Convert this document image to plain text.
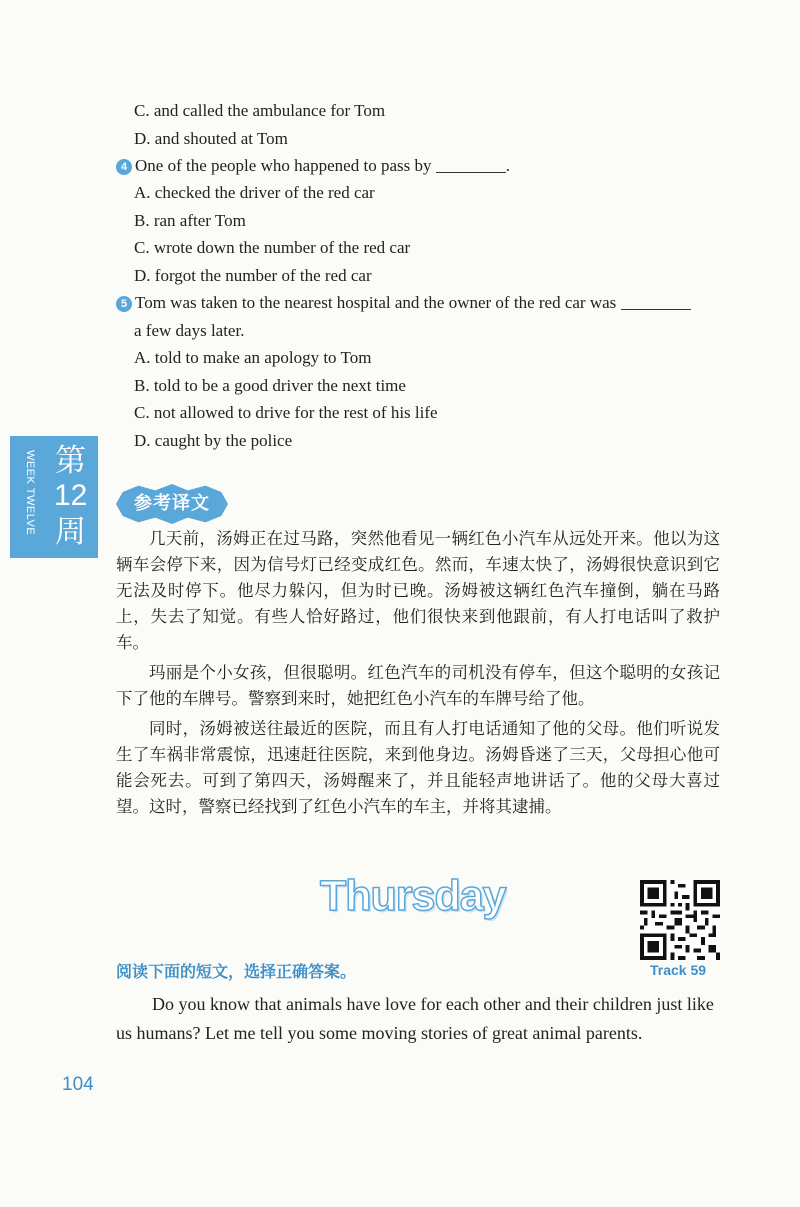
C. and called the ambulance for Tom
D. and shouted at Tom
4 One of the people who happened to pass by	.
A. checked the driver of the red car
B. ran after Tom
C. wrote down the number of the red car
D. forgot the number of the red car
5 Tom was taken to the nearest hospital and the owner of the red car was
a few days later.
A. told to make an apology to Tom
B. told to be a good driver the next time
C. not allowed to drive for the rest of his life
D. caught by the police
WEEK TWELVE 第
12
周
参考译文
几天前，汤姆正在过马路，突然他看见一辆红色小汽车从远处开来。他以为这辆车会停下来，因为信号灯已经变成红色。然而，车速太快了，汤姆很快意识到它无法及时停下。他尽力躲闪，但为时已晚。汤姆被这辆红色汽车撞倒，躺在马路上，失去了知觉。有些人恰好路过，他们很快来到他跟前，有人打电话叫了救护车。
玛丽是个小女孩，但很聪明。红色汽车的司机没有停车，但这个聪明的女孩记下了他的车牌号。警察到来时，她把红色小汽车的车牌号给了他。
同时，汤姆被送往最近的医院，而且有人打电话通知了他的父母。他们听说发生了车祸非常震惊，迅速赶往医院，来到他身边。汤姆昏迷了三天，父母担心他可能会死去。可到了第四天，汤姆醒来了，并且能轻声地讲话了。他的父母大喜过望。这时，警察已经找到了红色小汽车的车主，并将其逮捕。
Thursday
Track 59
阅读下面的短文，选择正确答案。
Do you know that animals have love for each other and their children just like us humans? Let me tell you some moving stories of great animal parents.
104
